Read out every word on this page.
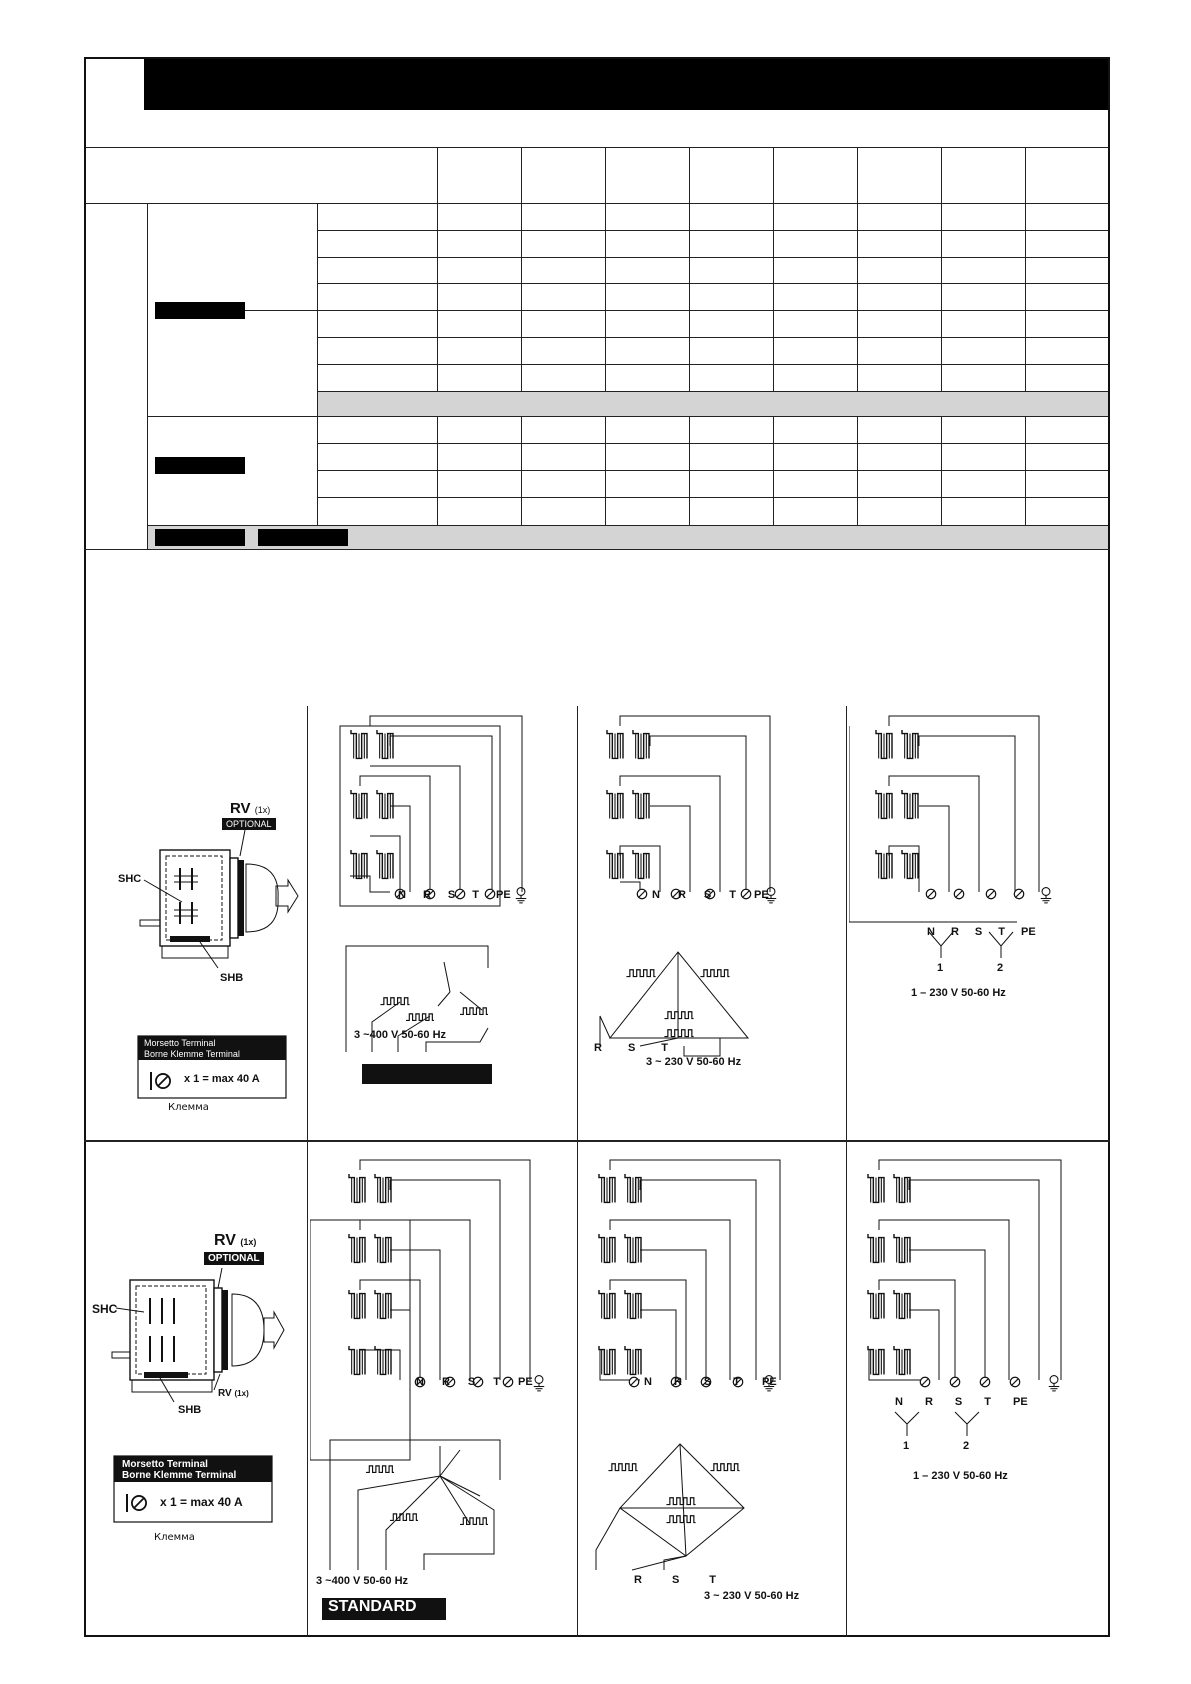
RV (1x)
OPTIONAL
SHC
SHB
Morsetto Terminal
Borne Klemme Terminal
x 1 = max 40 A
Клемма
N R S T PE
3 ~400 V 50-60 Hz
STANDARD
N R S T PE
R S T
3 ~ 230 V 50-60 Hz
N R S T PE
1	2
1 – 230 V 50-60 Hz
RV (1x)
OPTIONAL
SHC
RV (1x)
SHB
Morsetto Terminal
Borne Klemme Terminal
x 1 = max 40 A
Клемма
N R S T PE
3 ~400 V 50-60 Hz
STANDARD
N R S T PE
R	S	T
3 ~ 230 V 50-60 Hz
N R S T PE
1	2
1 – 230 V 50-60 Hz
